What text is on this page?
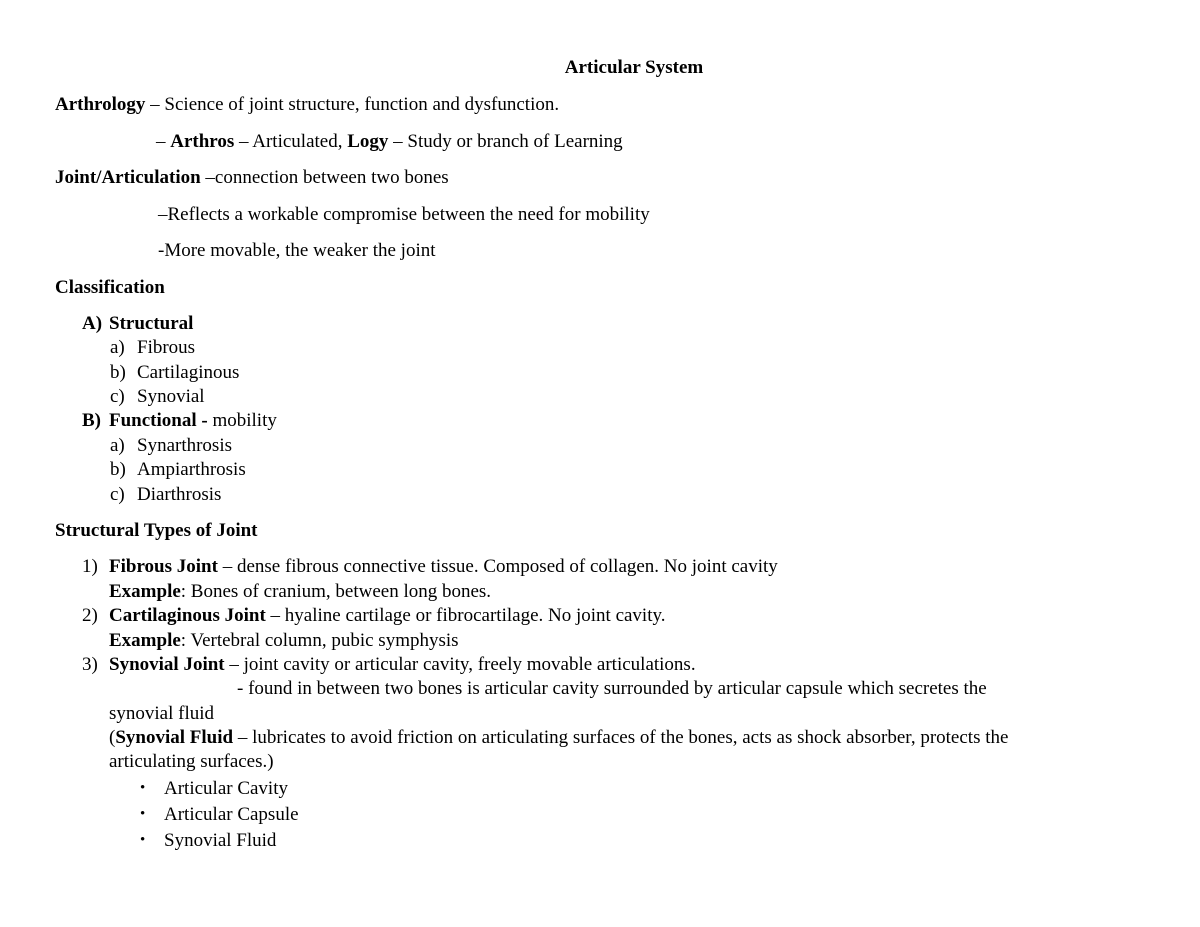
Articular System
Arthrology – Science of joint structure, function and dysfunction.
– Arthros – Articulated, Logy – Study or branch of Learning
Joint/Articulation –connection between two bones
–Reflects a workable compromise between the need for mobility
-More movable, the weaker the joint
Classification
A) Structural
a) Fibrous
b) Cartilaginous
c) Synovial
B) Functional - mobility
a) Synarthrosis
b) Ampiarthrosis
c) Diarthrosis
Structural Types of Joint
1) Fibrous Joint – dense fibrous connective tissue. Composed of collagen. No joint cavity
Example: Bones of cranium, between long bones.
2) Cartilaginous Joint – hyaline cartilage or fibrocartilage. No joint cavity.
Example: Vertebral column, pubic symphysis
3) Synovial Joint – joint cavity or articular cavity, freely movable articulations.
- found in between two bones is articular cavity surrounded by articular capsule which secretes the
synovial fluid
(Synovial Fluid – lubricates to avoid friction on articulating surfaces of the bones, acts as shock absorber, protects the
articulating surfaces.)
• Articular Cavity
• Articular Capsule
• Synovial Fluid
